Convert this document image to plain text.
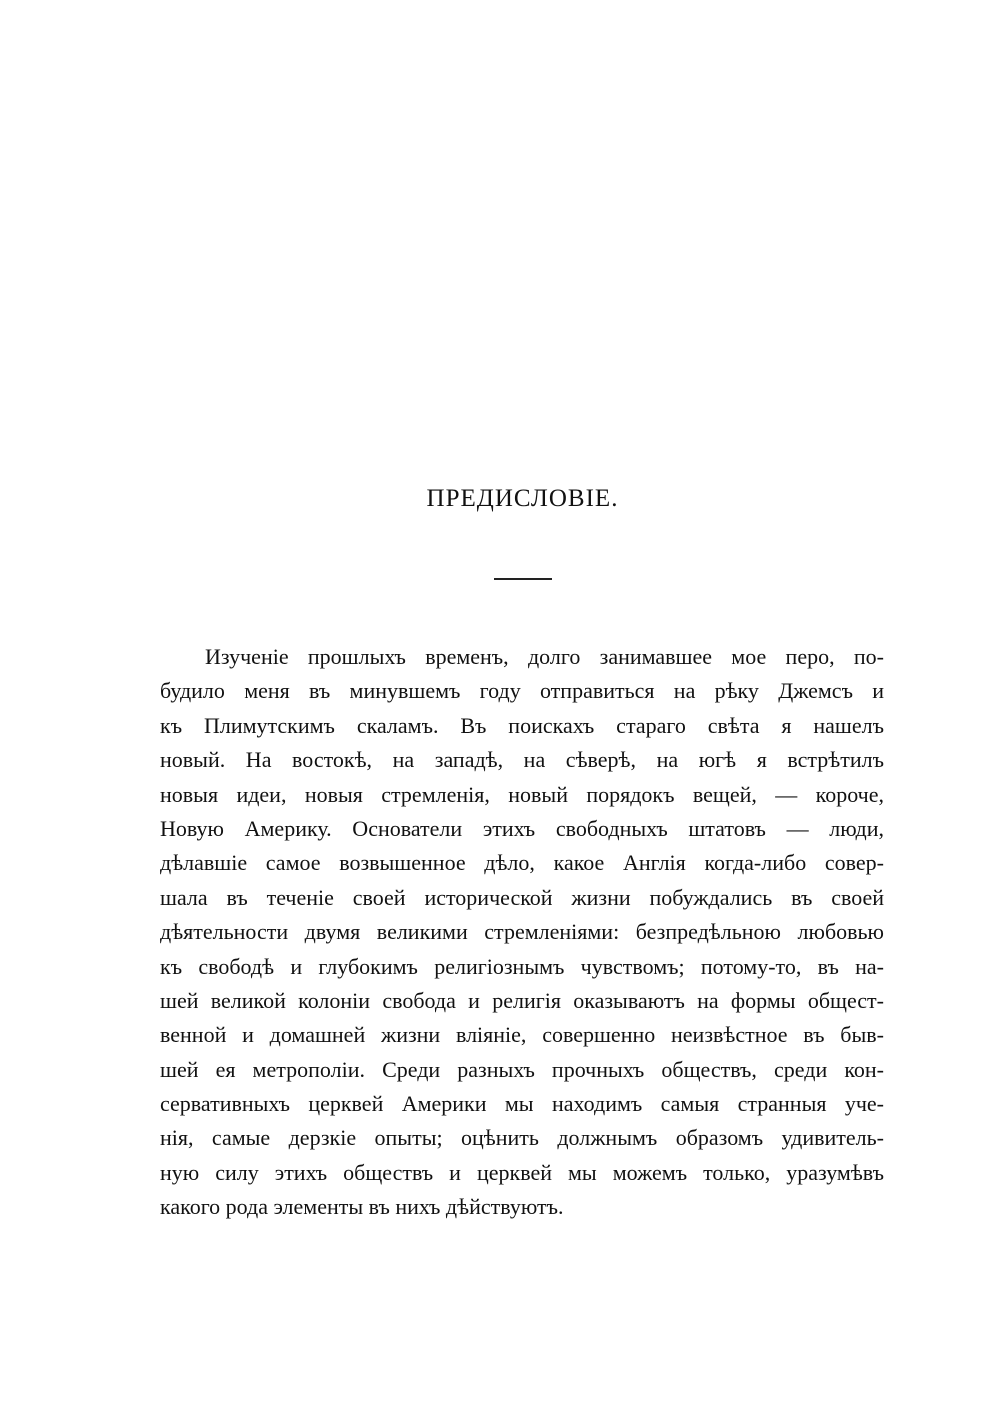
ПРЕДИСЛОВІЕ.
Изученіе прошлыхъ временъ, долго занимавшее мое перо, по-
будило меня въ минувшемъ году отправиться на рѣку Джемсъ и
къ Плимутскимъ скаламъ. Въ поискахъ стараго свѣта я нашелъ
новый. На востокѣ, на западѣ, на сѣверѣ, на югѣ я встрѣтилъ
новыя идеи, новыя стремленія, новый порядокъ вещей, — короче,
Новую Америку. Основатели этихъ свободныхъ штатовъ — люди,
дѣлавшіе самое возвышенное дѣло, какое Англія когда-либо совер-
шала въ теченіе своей исторической жизни побуждались въ своей
дѣятельности двумя великими стремленіями: безпредѣльною любовью
къ свободѣ и глубокимъ религіознымъ чувствомъ; потому-то, въ на-
шей великой колоніи свобода и религія оказываютъ на формы общест-
венной и домашней жизни вліяніе, совершенно неизвѣстное въ быв-
шей ея метрополіи. Среди разныхъ прочныхъ обществъ, среди кон-
сервативныхъ церквей Америки мы находимъ самыя странныя уче-
нія, самые дерзкіе опыты; оцѣнить должнымъ образомъ удивитель-
ную силу этихъ обществъ и церквей мы можемъ только, уразумѣвъ
какого рода элементы въ нихъ дѣйствуютъ.
